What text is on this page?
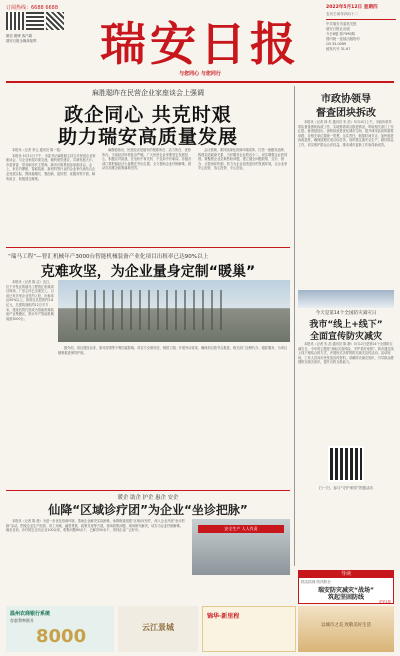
订阅热线：6688 6688
微信 微博 客户端
瑞安日报全媒体矩阵	瑞安日报
与您同心 与您同行
2022年5月12日 星期四
农历壬寅年四月十二
中共瑞安市委机关报
瑞安日报社出版
今日8版 第7990期
国内统一连续出版物号
CN 33-0069
邮发代号 31-67
麻胜聪昨在民营企业家座谈会上强调
政企同心 共克时艰
助力瑞安高质量发展

本报讯（记者 李云 通讯员 陈一铭）

本报讯 5月11日下午，市委书记麻胜聪主持召开民营企业家座谈会，与企业家面对面交流，倾听意见建议，共商发展大计。市委常委、常务副市长王思海，副市长陈景旭参加座谈会。会上，来自汽摩配、智能装备、新材料等行业的企业家代表结合企业发展实际，围绕稳增长、强创新、促转型、优服务等方面，畅所欲言、积极建言献策。

麻胜聪指出，民营经济是瑞安的根基所在、活力所在、优势所在。当前经济形势复杂严峻，广大民营企业家要坚定发展信心，积极应对挑战，在危机中育先机、于变局中开新局。各级各部门要把稳经济大盘摆在突出位置，全力帮助企业纾困解难，推动各项惠企政策落地见效。

会议强调，要持续深化营商环境改革，打造一流服务品牌，构建亲清政商关系，当好服务企业的店小二，切实增强企业获得感。要聚焦企业急难愁盼问题，建立健全问题收集、交办、督办、反馈闭环机制，努力为企业创造更好的发展环境，让企业家安心经营、放心投资、专心创业。

市政协领导
督查团块拆改
本报讯（记者 林 朱 通讯员 朱 浩）5月10日上午，市政协领导带队督查团块拆改工作，实地察看项目推进情况，听取相关部门工作汇报。督查组指出，团块拆改是优化城市空间、提升城市品质的重要举措，各相关单位要统一思想，压实责任，倒排时间节点，加快推进拆改进度，确保按期完成目标任务，同时要注重安全生产，做好群众工作，切实维护群众合法权益，推动城市更新工作取得新成效。
“瑞马工程”—智汇机械年产3000台智能机械装备产业化项目出租率已达90%以上
克难攻坚，为企业量身定制“暖巢”
本报讯（记者 陈 洁）近日，位于开发区的瑞马工程智汇机械项目现场，厂房主体已全面完工，目前已有多家企业签约入驻，出租率达90%以上。该项目总投资约3.8亿元，总建筑面积约12万平方米，建成后将打造成为智能机械装备产业集聚区，预计年产智能机械装备3000台。
据介绍，项目建设以来，面对疫情等不利因素影响，项目方克难攻坚，倒排工期，开展劳动竞赛，确保项目按节点推进。相关部门全程代办、跟踪服务，为项目顺利推进保驾护航。
今天是第14个全国防灾减灾日
我市“线上+线下”
全面宣传防灾减灾
本报讯（记者 朱 浩 通讯员 陈 静）5月12日是第14个全国防灾减灾日，今年的主题是“减轻灾害风险，守护美好家园”。我市通过线上线下相结合的方式，开展形式多样的防灾减灾宣传活动。活动现场，工作人员向市民发放宣传资料，讲解防灾减灾知识，引导群众增强防灾减灾意识，提升自救互救能力。
扫一扫，参与“守护家园”答题活动
暖企 助企 护企 惠企 安企
仙降“区域诊疗团”为企业“坐诊把脉”
本报讯（记者 陈 晨）为进一步优化营商环境，帮助企业解决实际困难，仙降街道组建“区域诊疗团”，深入企业开展“坐诊把脉”活动，围绕企业生产经营、用工用地、融资贷款、政策兑现等方面，现场收集问题、现场研究解决，切实为企业纾困解难。截至目前，诊疗团已走访企业100余家，收集问题60余个，已解决50余个，得到企业广泛好评。	安全生产 人人有责
导读
抓实抓细 防汛防台
瑞安防灾减灾“战场”
筑起坚固防线
详见2版
温州农商银行系统
存款利率跃升
8000	云江景城
锦华·新里程
以城市之美 致敬美好生活
